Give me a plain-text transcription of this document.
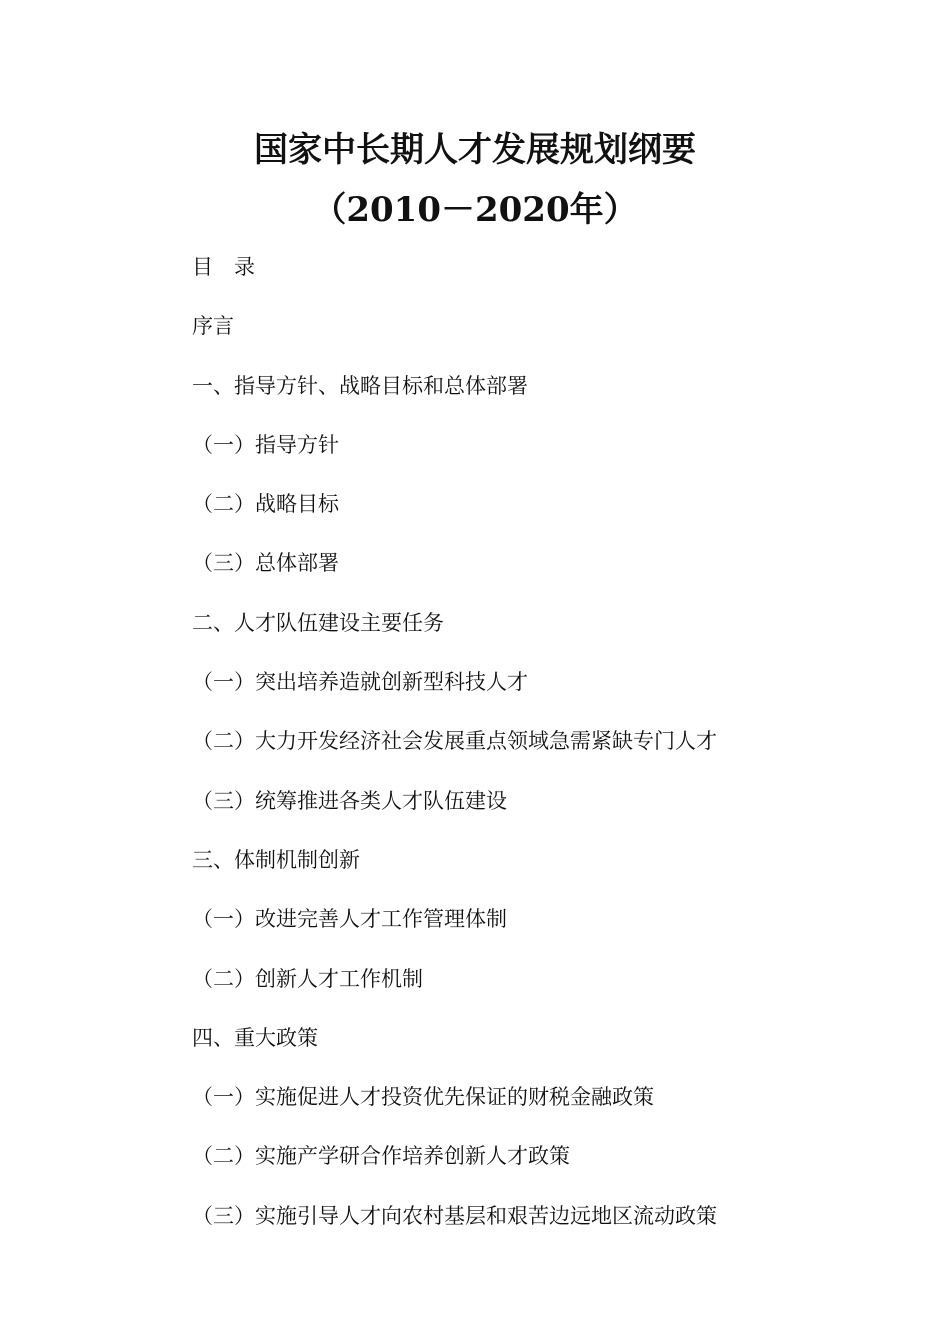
国家中长期人才发展规划纲要
（2010－2020年）
目　录
序言
一、指导方针、战略目标和总体部署
（一）指导方针
（二）战略目标
（三）总体部署
二、人才队伍建设主要任务
（一）突出培养造就创新型科技人才
（二）大力开发经济社会发展重点领域急需紧缺专门人才
（三）统筹推进各类人才队伍建设
三、体制机制创新
（一）改进完善人才工作管理体制
（二）创新人才工作机制
四、重大政策
（一）实施促进人才投资优先保证的财税金融政策
（二）实施产学研合作培养创新人才政策
（三）实施引导人才向农村基层和艰苦边远地区流动政策
